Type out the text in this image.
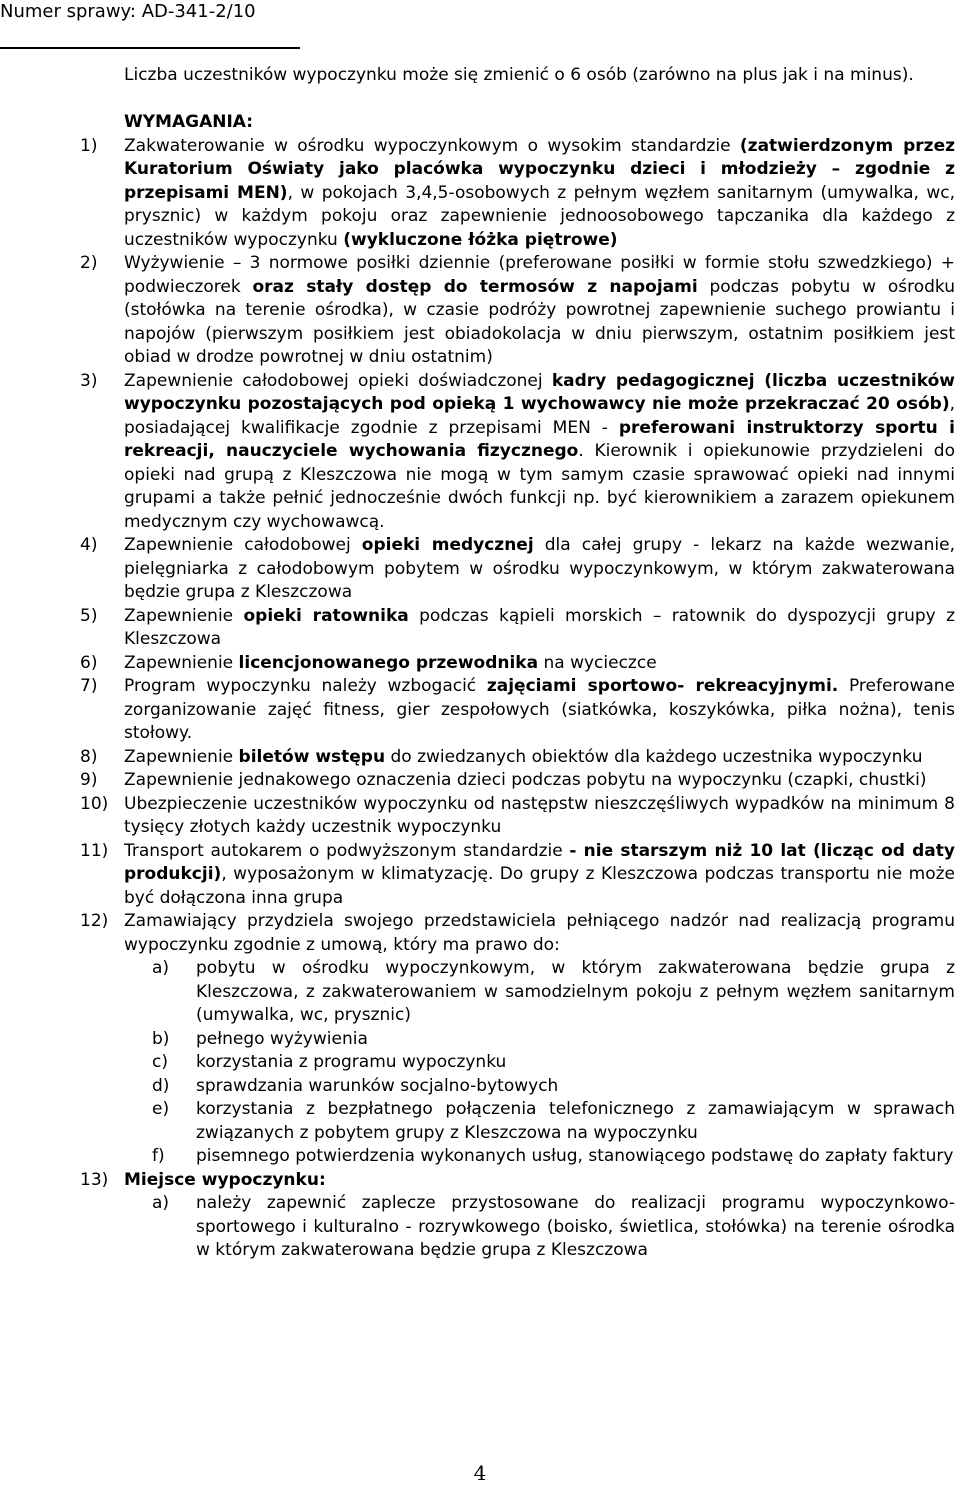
Numer sprawy: AD-341-2/10

Liczba uczestników wypoczynku może się zmienić o 6 osób (zarówno na plus jak i na minus).

WYMAGANIA:
1)	Zakwaterowanie w ośrodku wypoczynkowym o wysokim standardzie (zatwierdzonym przez Kuratorium Oświaty jako placówka wypoczynku dzieci i młodzieży – zgodnie z przepisami MEN), w pokojach 3,4,5-osobowych z pełnym węzłem sanitarnym (umywalka, wc, prysznic) w każdym pokoju oraz zapewnienie jednoosobowego tapczanika dla każdego z uczestników wypoczynku (wykluczone łóżka piętrowe)
2)	Wyżywienie – 3 normowe posiłki dziennie (preferowane posiłki w formie stołu szwedzkiego) + podwieczorek oraz stały dostęp do termosów z napojami podczas pobytu w ośrodku (stołówka na terenie ośrodka), w czasie podróży powrotnej zapewnienie suchego prowiantu i napojów (pierwszym posiłkiem jest obiadokolacja w dniu pierwszym, ostatnim posiłkiem jest obiad w drodze powrotnej w dniu ostatnim)
3)	Zapewnienie całodobowej opieki doświadczonej kadry pedagogicznej (liczba uczestników wypoczynku pozostających pod opieką 1 wychowawcy nie może przekraczać 20 osób), posiadającej kwalifikacje zgodnie z przepisami MEN - preferowani instruktorzy sportu i rekreacji, nauczyciele wychowania fizycznego. Kierownik i opiekunowie przydzieleni do opieki nad grupą z Kleszczowa nie mogą w tym samym czasie sprawować opieki nad innymi grupami a także pełnić jednocześnie dwóch funkcji np. być kierownikiem a zarazem opiekunem medycznym czy wychowawcą.
4)	Zapewnienie całodobowej opieki medycznej dla całej grupy - lekarz na każde wezwanie, pielęgniarka z całodobowym pobytem w ośrodku wypoczynkowym, w którym zakwaterowana będzie grupa z Kleszczowa
5)	Zapewnienie opieki ratownika podczas kąpieli morskich – ratownik do dyspozycji grupy z Kleszczowa
6)	Zapewnienie licencjonowanego przewodnika na wycieczce
7)	Program wypoczynku należy wzbogacić zajęciami sportowo- rekreacyjnymi. Preferowane zorganizowanie zajęć fitness, gier zespołowych (siatkówka, koszykówka, piłka nożna), tenis stołowy.
8)	Zapewnienie biletów wstępu do zwiedzanych obiektów dla każdego uczestnika wypoczynku
9)	Zapewnienie jednakowego oznaczenia dzieci podczas pobytu na wypoczynku (czapki, chustki)
10) Ubezpieczenie uczestników wypoczynku od następstw nieszczęśliwych wypadków na minimum 8 tysięcy złotych każdy uczestnik wypoczynku
11) Transport autokarem o podwyższonym standardzie - nie starszym niż 10 lat (licząc od daty produkcji), wyposażonym w klimatyzację. Do grupy z Kleszczowa podczas transportu nie może być dołączona inna grupa
12) Zamawiający przydziela swojego przedstawiciela pełniącego nadzór nad realizacją programu wypoczynku zgodnie z umową, który ma prawo do:
a)	pobytu w ośrodku wypoczynkowym, w którym zakwaterowana będzie grupa z Kleszczowa, z zakwaterowaniem w samodzielnym pokoju z pełnym węzłem sanitarnym (umywalka, wc, prysznic)
b)	pełnego wyżywienia
c)	korzystania z programu wypoczynku
d)	sprawdzania warunków socjalno-bytowych
e)	korzystania z bezpłatnego połączenia telefonicznego z zamawiającym w sprawach związanych z pobytem grupy z Kleszczowa na wypoczynku
f)	pisemnego potwierdzenia wykonanych usług, stanowiącego podstawę do zapłaty faktury
13) Miejsce wypoczynku:
a)	należy zapewnić zaplecze przystosowane do realizacji programu wypoczynkowo-sportowego i kulturalno - rozrywkowego (boisko, świetlica, stołówka) na terenie ośrodka w którym zakwaterowana będzie grupa z Kleszczowa
4
